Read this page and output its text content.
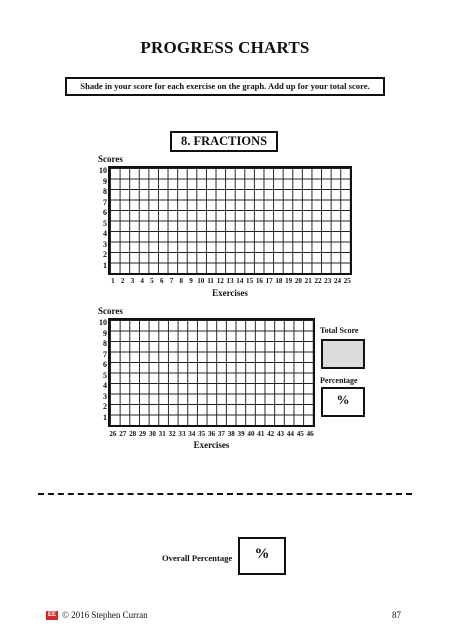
PROGRESS CHARTS
Shade in your score for each exercise on the graph. Add up for your total score.
8. FRACTIONS
Scores
10
9
8
7
6
5
4
3
2
1
1 2 3 4 5 6 7 8 9 10 11 12 13 14 15 16 17 18 19 20 21 22 23 24 25
Exercises
Scores
10
9
8
7
6
5
4
3
2
1
26 27 28 29 30 31 32 33 34 35 36 37 38 39 40 41 42 43 44 45 46
Exercises
Total Score
Percentage
%
Overall Percentage	%
EE © 2016 Stephen Curran	87
